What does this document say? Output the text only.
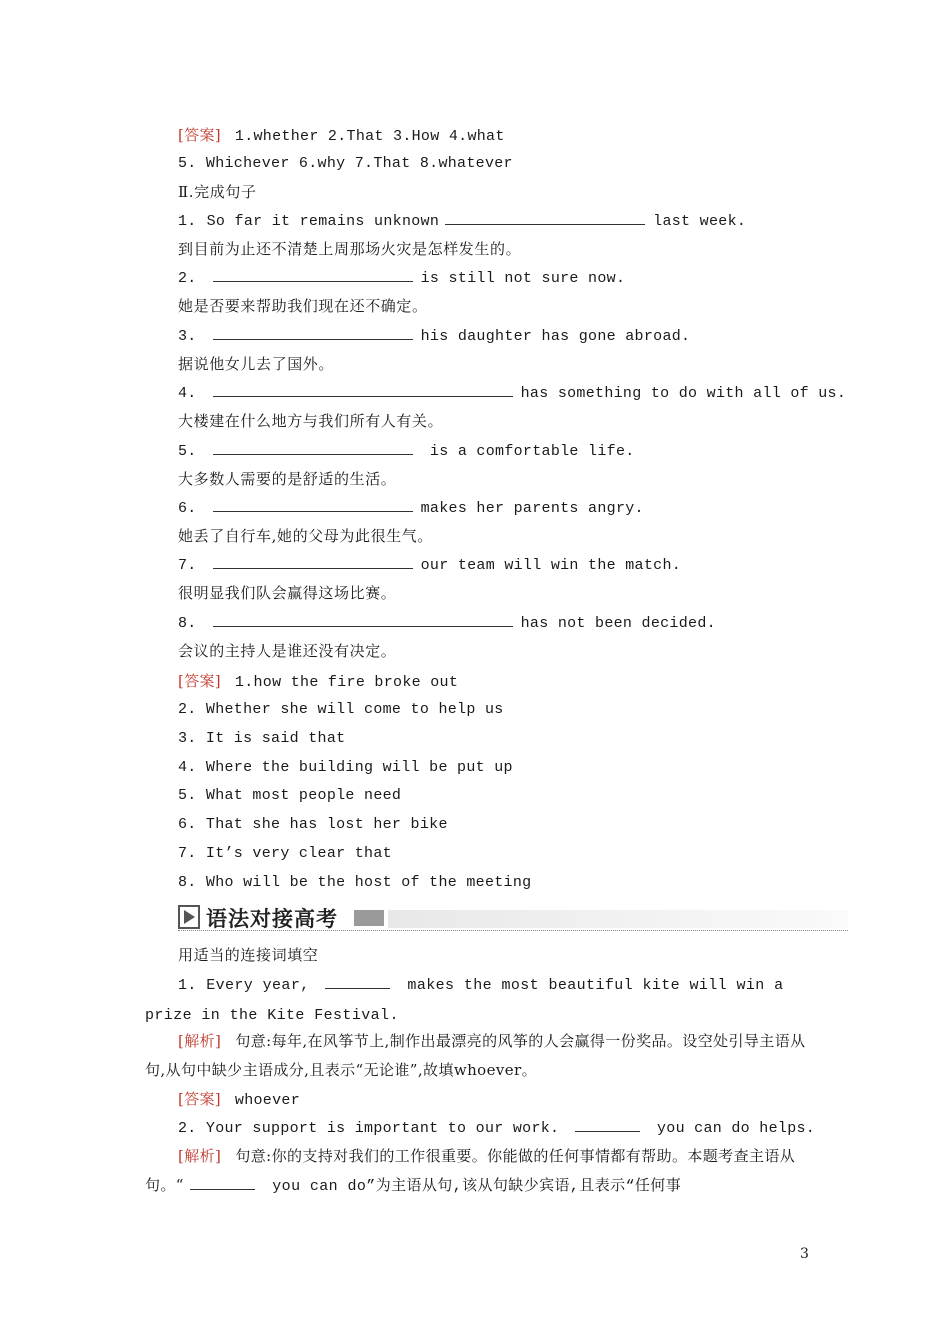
[答案] 1.whether 2.That 3.How 4.what
5. Whichever 6.why 7.That 8.whatever
Ⅱ.完成句子
1. So far it remains unknown	last week.
到目前为止还不清楚上周那场火灾是怎样发生的。
2.	is still not sure now.
她是否要来帮助我们现在还不确定。
3.	his daughter has gone abroad.
据说他女儿去了国外。
4.	has something to do with all of us.
大楼建在什么地方与我们所有人有关。
5.	is a comfortable life.
大多数人需要的是舒适的生活。
6.	makes her parents angry.
她丢了自行车,她的父母为此很生气。
7.	our team will win the match.
很明显我们队会赢得这场比赛。
8.	has not been decided.
会议的主持人是谁还没有决定。
[答案] 1.how the fire broke out
2. Whether she will come to help us
3. It is said that
4. Where the building will be put up
5. What most people need
6. That she has lost her bike
7. It’s very clear that
8. Who will be the host of the meeting
语法对接高考
用适当的连接词填空
1. Every year,	makes the most beautiful kite will win a prize in the Kite Festival.
[解析] 句意:每年,在风筝节上,制作出最漂亮的风筝的人会赢得一份奖品。设空处引导主语从句,从句中缺少主语成分,且表示“无论谁”,故填whoever。
[答案] whoever
2. Your support is important to our work.	you can do helps.
[解析] 句意:你的支持对我们的工作很重要。你能做的任何事情都有帮助。本题考查主语从句。“	you can do”为主语从句,该从句缺少宾语,且表示“任何事
3
